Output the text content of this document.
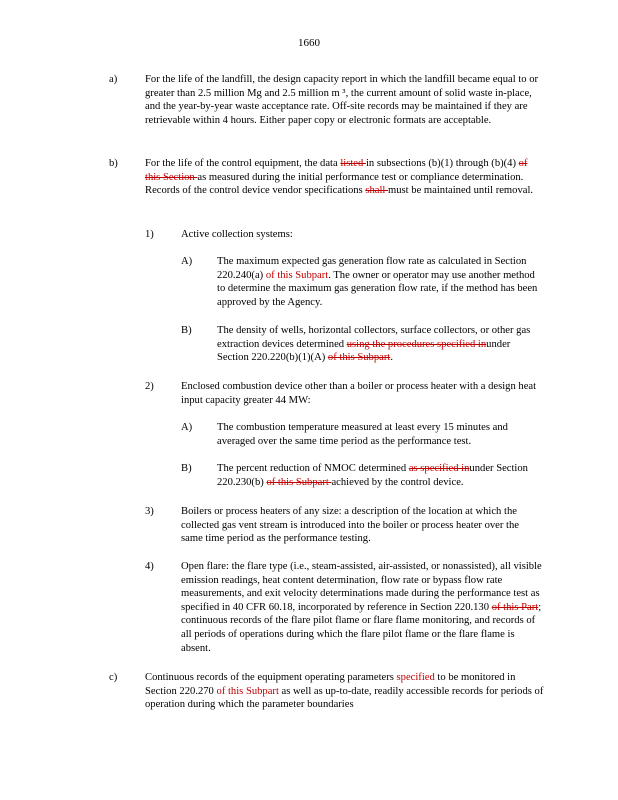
1660
a)	For the life of the landfill, the design capacity report in which the landfill became equal to or greater than 2.5 million Mg and 2.5 million m ³, the current amount of solid waste in-place, and the year-by-year waste acceptance rate. Off-site records may be maintained if they are retrievable within 4 hours. Either paper copy or electronic formats are acceptable.
b)	For the life of the control equipment, the data listed in subsections (b)(1) through (b)(4) of this Section as measured during the initial performance test or compliance determination. Records of the control device vendor specifications shall must be maintained until removal.
1)	Active collection systems:
A)	The maximum expected gas generation flow rate as calculated in Section 220.240(a) of this Subpart. The owner or operator may use another method to determine the maximum gas generation flow rate, if the method has been approved by the Agency.
B)	The density of wells, horizontal collectors, surface collectors, or other gas extraction devices determined using the procedures specified inunder Section 220.220(b)(1)(A) of this Subpart.
2)	Enclosed combustion device other than a boiler or process heater with a design heat input capacity greater 44 MW:
A)	The combustion temperature measured at least every 15 minutes and averaged over the same time period as the performance test.
B)	The percent reduction of NMOC determined as specified inunder Section 220.230(b) of this Subpart achieved by the control device.
3)	Boilers or process heaters of any size: a description of the location at which the collected gas vent stream is introduced into the boiler or process heater over the same time period as the performance testing.
4)	Open flare: the flare type (i.e., steam-assisted, air-assisted, or nonassisted), all visible emission readings, heat content determination, flow rate or bypass flow rate measurements, and exit velocity determinations made during the performance test as specified in 40 CFR 60.18, incorporated by reference in Section 220.130 of this Part; continuous records of the flare pilot flame or flare flame monitoring, and records of all periods of operations during which the flare pilot flame or the flare flame is absent.
c)	Continuous records of the equipment operating parameters specified to be monitored in Section 220.270 of this Subpart as well as up-to-date, readily accessible records for periods of operation during which the parameter boundaries
